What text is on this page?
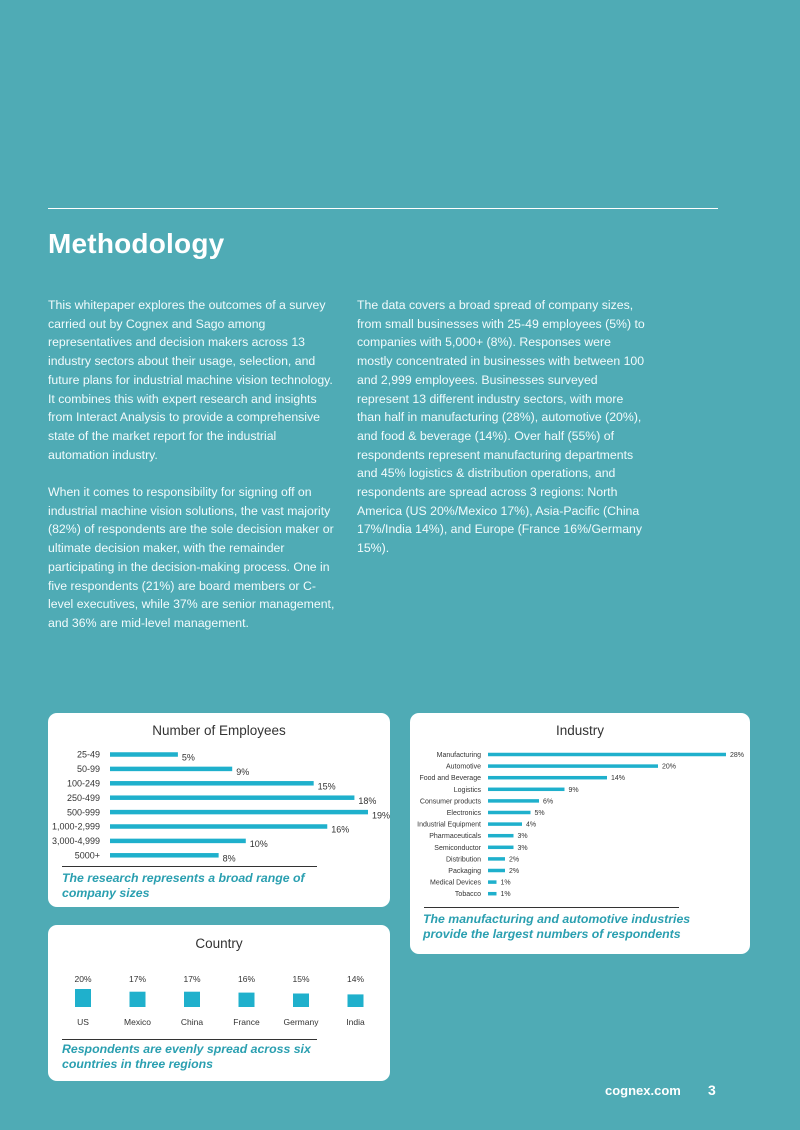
Methodology

This whitepaper explores the outcomes of a survey carried out by Cognex and Sago among representatives and decision makers across 13 industry sectors about their usage, selection, and future plans for industrial machine vision technology. It combines this with expert research and insights from Interact Analysis to provide a comprehensive state of the market report for the industrial automation industry.

When it comes to responsibility for signing off on industrial machine vision solutions, the vast majority (82%) of respondents are the sole decision maker or ultimate decision maker, with the remainder participating in the decision-making process. One in five respondents (21%) are board members or C-level executives, while 37% are senior management, and 36% are mid-level management.

The data covers a broad spread of company sizes, from small businesses with 25-49 employees (5%) to companies with 5,000+ (8%). Responses were mostly concentrated in businesses with between 100 and 2,999 employees. Businesses surveyed represent 13 different industry sectors, with more than half in manufacturing (28%), automotive (20%), and food & beverage (14%). Over half (55%) of respondents represent manufacturing departments and 45% logistics & distribution operations, and respondents are spread across 3 regions: North America (US 20%/Mexico 17%), Asia-Pacific (China 17%/India 14%), and Europe (France 16%/Germany 15%).

Number of Employees
25-49	5%
50-99	9%
100-249	15%
250-499	18%
500-999	19%
1,000-2,999	16%
3,000-4,999	10%
5000+	8%
The research represents a broad range of company sizes
Industry
Manufacturing	28%
Automotive	20%
Food and Beverage	14%
Logistics	9%
Consumer products	6%
Electronics	5%
Industrial Equipment	4%
Pharmaceuticals	3%
Semiconductor	3%
Distribution	2%
Packaging	2%
Medical Devices	1%
Tobacco	1%
The manufacturing and automotive industries provide the largest numbers of respondents
Country
20%
US
17%
Mexico
17%
China
16%
France
15%
Germany
14%
India
Respondents are evenly spread across six countries in three regions
cognex.com 3
